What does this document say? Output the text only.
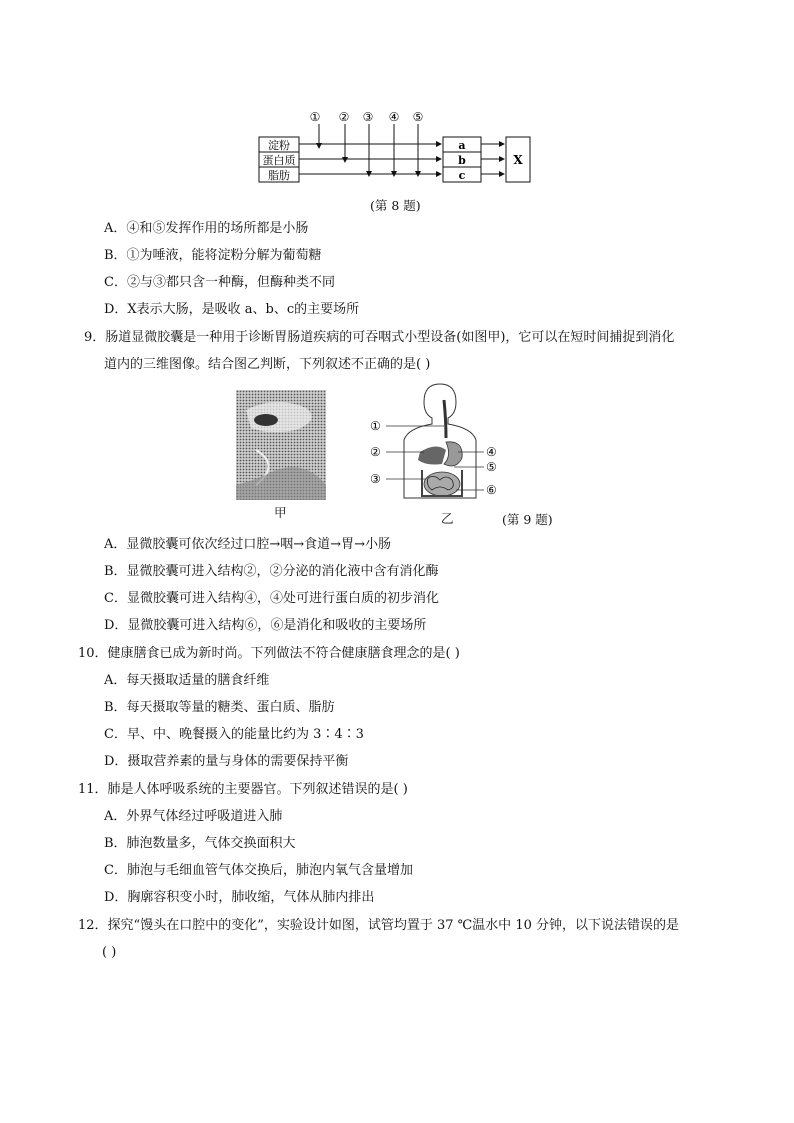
① ② ③ ④ ⑤
淀粉
蛋白质
脂肪
a
b
c
X
(第 8 题)
A．④和⑤发挥作用的场所都是小肠
B．①为唾液，能将淀粉分解为葡萄糖
C．②与③都只含一种酶，但酶种类不同
D．X表示大肠，是吸收 a、b、c的主要场所
9．肠道显微胶囊是一种用于诊断胃肠道疾病的可吞咽式小型设备(如图甲)，它可以在短时间捕捉到消化
道内的三维图像。结合图乙判断，下列叙述不正确的是( )
甲
①
②
③
④
⑤
⑥
乙	(第 9 题)
A．显微胶囊可依次经过口腔→咽→食道→胃→小肠
B．显微胶囊可进入结构②，②分泌的消化液中含有消化酶
C．显微胶囊可进入结构④，④处可进行蛋白质的初步消化
D．显微胶囊可进入结构⑥，⑥是消化和吸收的主要场所
10．健康膳食已成为新时尚。下列做法不符合健康膳食理念的是( )
A．每天摄取适量的膳食纤维
B．每天摄取等量的糖类、蛋白质、脂肪
C．早、中、晚餐摄入的能量比约为 3∶4∶3
D．摄取营养素的量与身体的需要保持平衡
11．肺是人体呼吸系统的主要器官。下列叙述错误的是( )
A．外界气体经过呼吸道进入肺
B．肺泡数量多，气体交换面积大
C．肺泡与毛细血管气体交换后，肺泡内氧气含量增加
D．胸廓容积变小时，肺收缩，气体从肺内排出
12．探究“馒头在口腔中的变化”，实验设计如图，试管均置于 37 ℃温水中 10 分钟，以下说法错误的是
( )
